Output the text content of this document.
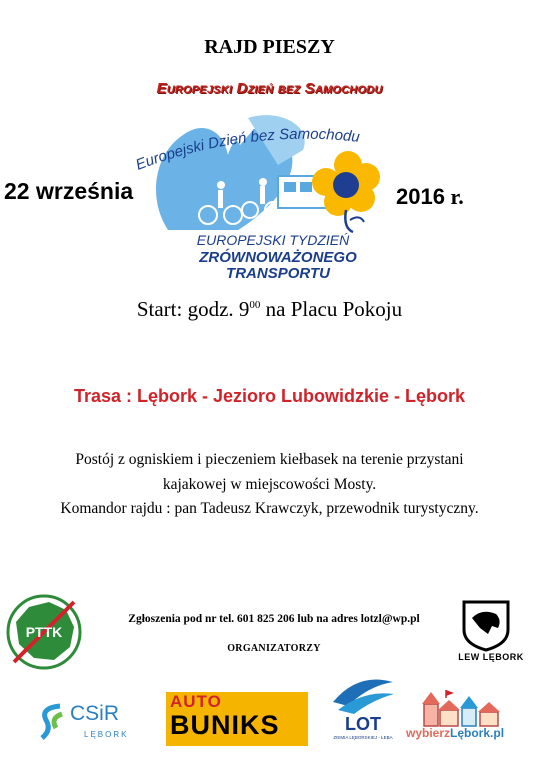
RAJD PIESZY
Europejski Dzień bez Samochodu
22 września	2016 r.
Europejski Dzień bez Samochodu
EUROPEJSKI TYDZIEŃ
ZRÓWNOWAŻONEGO
TRANSPORTU
Start: godz. $9^{00}$ na Placu Pokoju
Trasa : Lębork - Jezioro Lubowidzkie - Lębork
Postój z ogniskiem i pieczeniem kiełbasek na terenie przystani
kajakowej w miejscowości Mosty.
Komandor rajdu : pan Tadeusz Krawczyk, przewodnik turystyczny.
PTTK
Zgłoszenia pod nr tel. 601 825 206 lub na adres lotzl@wp.pl
ORGANIZATORZY
LEW LĘBORK
CSiR
LĘBORK
AUTO
BUNIKS	LOT
ZIEMIA LĘBORSKIEJ - ŁEBA wybierzLębork.pl
